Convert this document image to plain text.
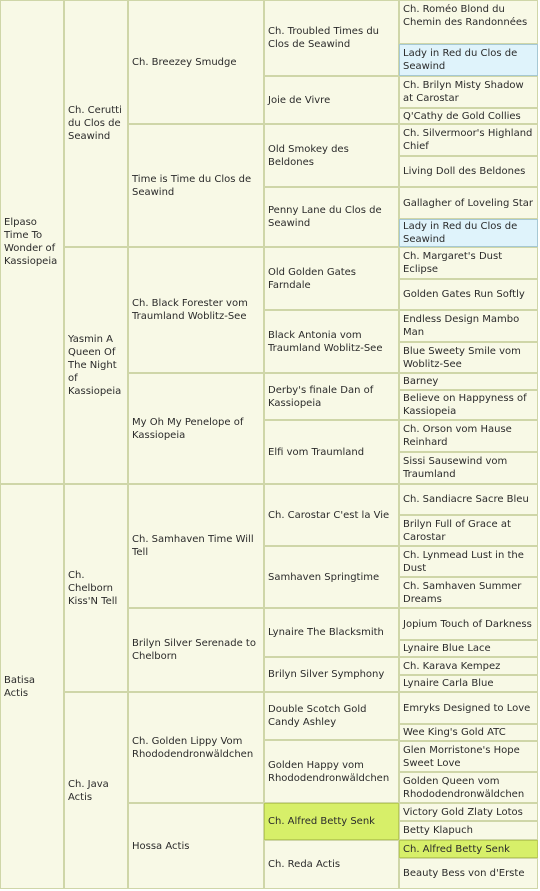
Elpaso Time To Wonder of Kassiopeia
Batisa Actis
Ch. Cerutti du Clos de Seawind
Yasmin A Queen Of The Night of Kassiopeia
Ch. Chelborn Kiss'N Tell
Ch. Java Actis
Ch. Breezey Smudge
Time is Time du Clos de Seawind
Ch. Black Forester vom Traumland Woblitz-See
My Oh My Penelope of Kassiopeia
Ch. Samhaven Time Will Tell
Brilyn Silver Serenade to Chelborn
Ch. Golden Lippy Vom Rhododendronwäldchen
Hossa Actis
Ch. Troubled Times du Clos de Seawind
Joie de Vivre
Old Smokey des Beldones
Penny Lane du Clos de Seawind
Old Golden Gates Farndale
Black Antonia vom Traumland Woblitz-See
Derby's finale Dan of Kassiopeia
Elfi vom Traumland
Ch. Carostar C'est la Vie
Samhaven Springtime
Lynaire The Blacksmith
Brilyn Silver Symphony
Double Scotch Gold Candy Ashley
Golden Happy vom Rhododendronwäldchen
Ch. Alfred Betty Senk
Ch. Reda Actis
Ch. Roméo Blond du Chemin des Randonnées
Lady in Red du Clos de Seawind
Ch. Brilyn Misty Shadow at Carostar
Q'Cathy de Gold Collies
Ch. Silvermoor's Highland Chief
Living Doll des Beldones
Gallagher of Loveling Star
Lady in Red du Clos de Seawind
Ch. Margaret's Dust Eclipse
Golden Gates Run Softly
Endless Design Mambo Man
Blue Sweety Smile vom Woblitz-See
Barney
Believe on Happyness of Kassiopeia
Ch. Orson vom Hause Reinhard
Sissi Sausewind vom Traumland
Ch. Sandiacre Sacre Bleu
Brilyn Full of Grace at Carostar
Ch. Lynmead Lust in the Dust
Ch. Samhaven Summer Dreams
Jopium Touch of Darkness
Lynaire Blue Lace
Ch. Karava Kempez
Lynaire Carla Blue
Emryks Designed to Love
Wee King's Gold ATC
Glen Morristone's Hope Sweet Love
Golden Queen vom Rhododendronwäldchen
Victory Gold Zlaty Lotos
Betty Klapuch
Ch. Alfred Betty Senk
Beauty Bess von d'Erste
